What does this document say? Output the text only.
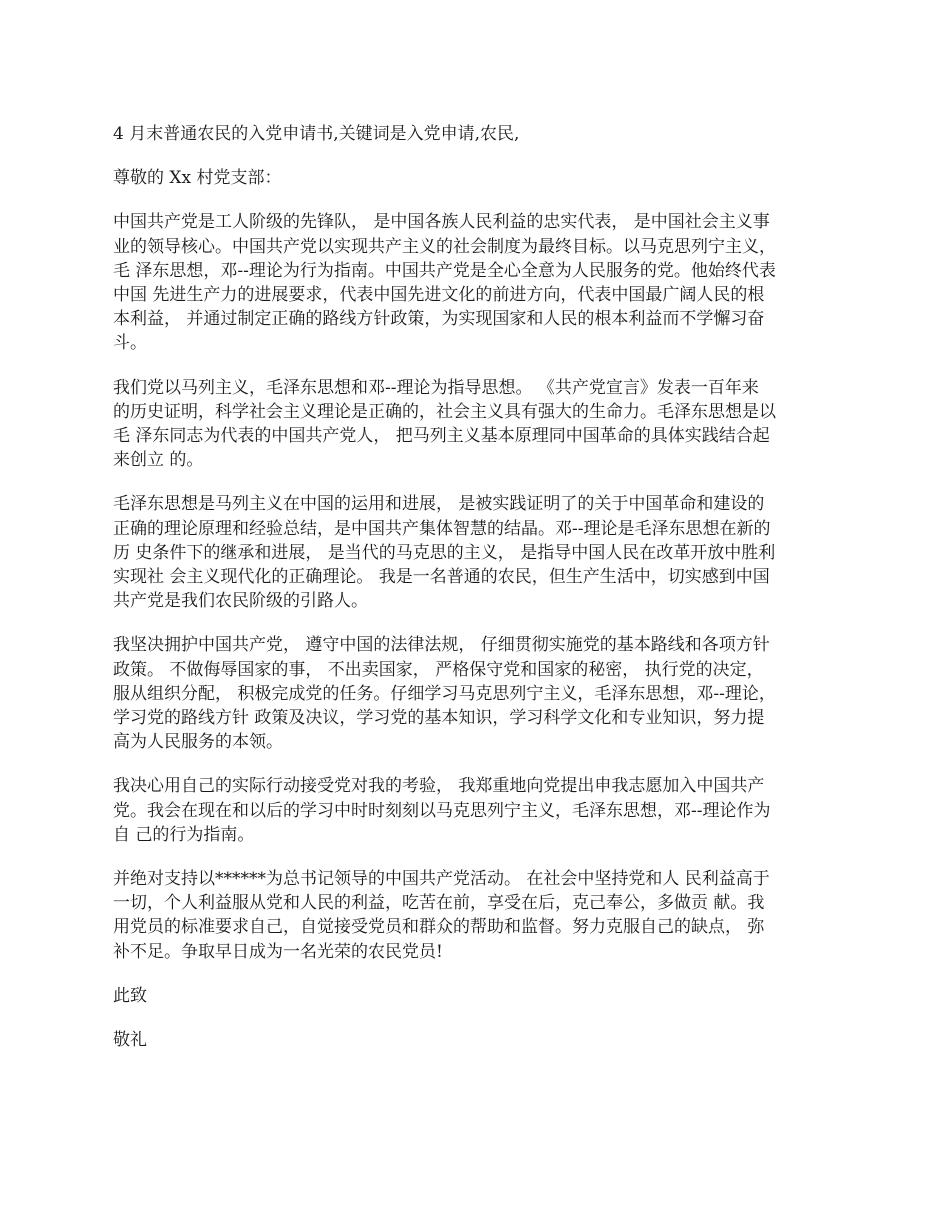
4 月末普通农民的入党申请书,关键词是入党申请,农民,

尊敬的 Xx 村党支部：

中国共产党是工人阶级的先锋队， 是中国各族人民利益的忠实代表， 是中国社会主义事
业的领导核心。中国共产党以实现共产主义的社会制度为最终目标。以马克思列宁主义，
毛 泽东思想，邓--理论为行为指南。中国共产党是全心全意为人民服务的党。他始终代表
中国 先进生产力的进展要求，代表中国先进文化的前进方向，代表中国最广阔人民的根
本利益， 并通过制定正确的路线方针政策，为实现国家和人民的根本利益而不学懈习奋
斗。

我们党以马列主义，毛泽东思想和邓--理论为指导思想。 《共产党宣言》发表一百年来
的历史证明，科学社会主义理论是正确的，社会主义具有强大的生命力。毛泽东思想是以
毛 泽东同志为代表的中国共产党人， 把马列主义基本原理同中国革命的具体实践结合起
来创立 的。

毛泽东思想是马列主义在中国的运用和进展， 是被实践证明了的关于中国革命和建设的
正确的理论原理和经验总结，是中国共产集体智慧的结晶。邓--理论是毛泽东思想在新的
历 史条件下的继承和进展， 是当代的马克思的主义， 是指导中国人民在改革开放中胜利
实现社 会主义现代化的正确理论。 我是一名普通的农民，但生产生活中，切实感到中国
共产党是我们农民阶级的引路人。

我坚决拥护中国共产党， 遵守中国的法律法规， 仔细贯彻实施党的基本路线和各项方针
政策。 不做侮辱国家的事， 不出卖国家， 严格保守党和国家的秘密， 执行党的决定，
服从组织分配， 积极完成党的任务。仔细学习马克思列宁主义，毛泽东思想，邓--理论，
学习党的路线方针 政策及决议，学习党的基本知识，学习科学文化和专业知识，努力提
高为人民服务的本领。

我决心用自己的实际行动接受党对我的考验， 我郑重地向党提出申我志愿加入中国共产
党。我会在现在和以后的学习中时时刻刻以马克思列宁主义，毛泽东思想，邓--理论作为
自 己的行为指南。

并绝对支持以******为总书记领导的中国共产党活动。 在社会中坚持党和人 民利益高于
一切，个人利益服从党和人民的利益，吃苦在前，享受在后，克己奉公，多做贡 献。我
用党员的标准要求自己，自觉接受党员和群众的帮助和监督。努力克服自己的缺点， 弥
补不足。争取早日成为一名光荣的农民党员!

此致

敬礼
